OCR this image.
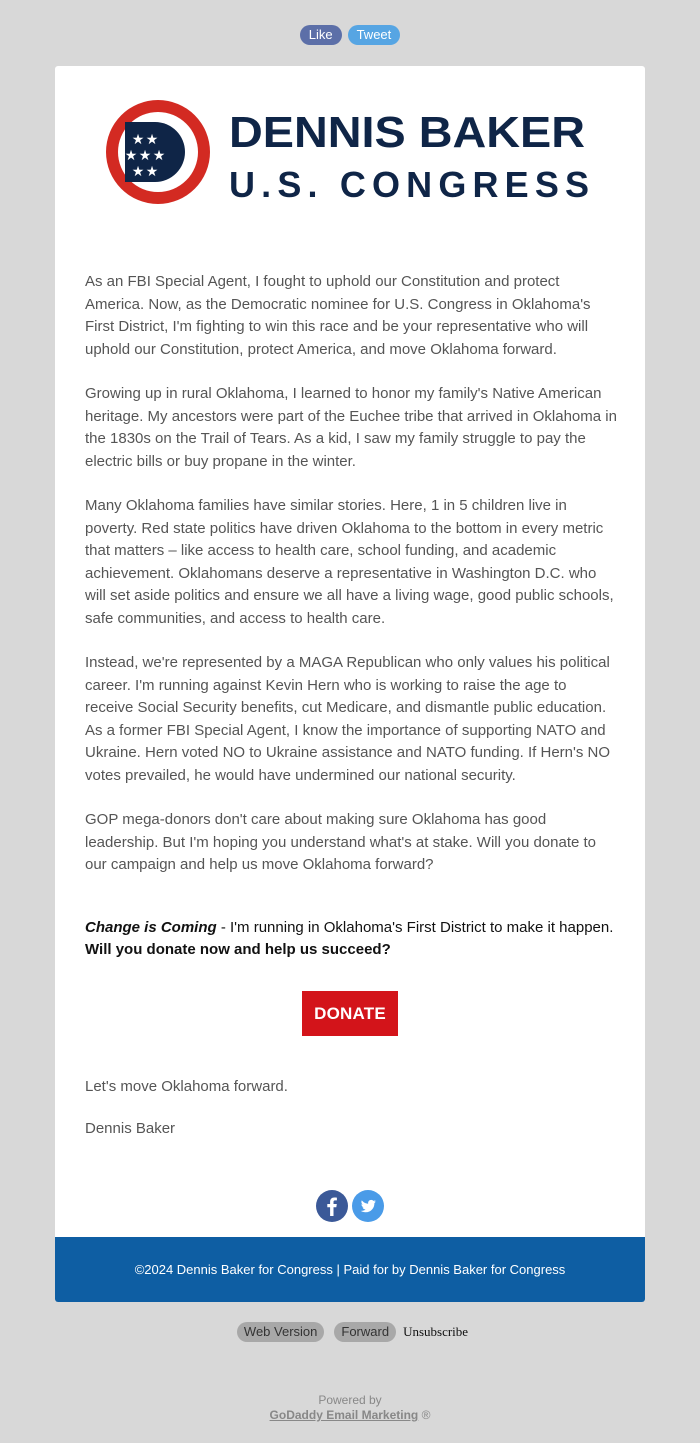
Like Tweet
★ ★
★ ★ ★
★ ★
DENNIS BAKER
U.S. CONGRESS

As an FBI Special Agent, I fought to uphold our Constitution and protect America. Now, as the Democratic nominee for U.S. Congress in Oklahoma's First District, I'm fighting to win this race and be your representative who will uphold our Constitution, protect America, and move Oklahoma forward.

Growing up in rural Oklahoma, I learned to honor my family's Native American heritage. My ancestors were part of the Euchee tribe that arrived in Oklahoma in the 1830s on the Trail of Tears. As a kid, I saw my family struggle to pay the electric bills or buy propane in the winter.

Many Oklahoma families have similar stories. Here, 1 in 5 children live in poverty. Red state politics have driven Oklahoma to the bottom in every metric that matters – like access to health care, school funding, and academic achievement. Oklahomans deserve a representative in Washington D.C. who will set aside politics and ensure we all have a living wage, good public schools, safe communities, and access to health care.

Instead, we're represented by a MAGA Republican who only values his political career. I'm running against Kevin Hern who is working to raise the age to receive Social Security benefits, cut Medicare, and dismantle public education. As a former FBI Special Agent, I know the importance of supporting NATO and Ukraine. Hern voted NO to Ukraine assistance and NATO funding. If Hern's NO votes prevailed, he would have undermined our national security.

GOP mega-donors don't care about making sure Oklahoma has good leadership. But I'm hoping you understand what's at stake. Will you donate to our campaign and help us move Oklahoma forward?

Change is Coming - I'm running in Oklahoma's First District to make it happen.
Will you donate now and help us succeed?

DONATE
Let's move Oklahoma forward.
Dennis Baker

©2024 Dennis Baker for Congress | Paid for by Dennis Baker for Congress
Web Version Forward Unsubscribe
Powered by
GoDaddy Email Marketing ®
